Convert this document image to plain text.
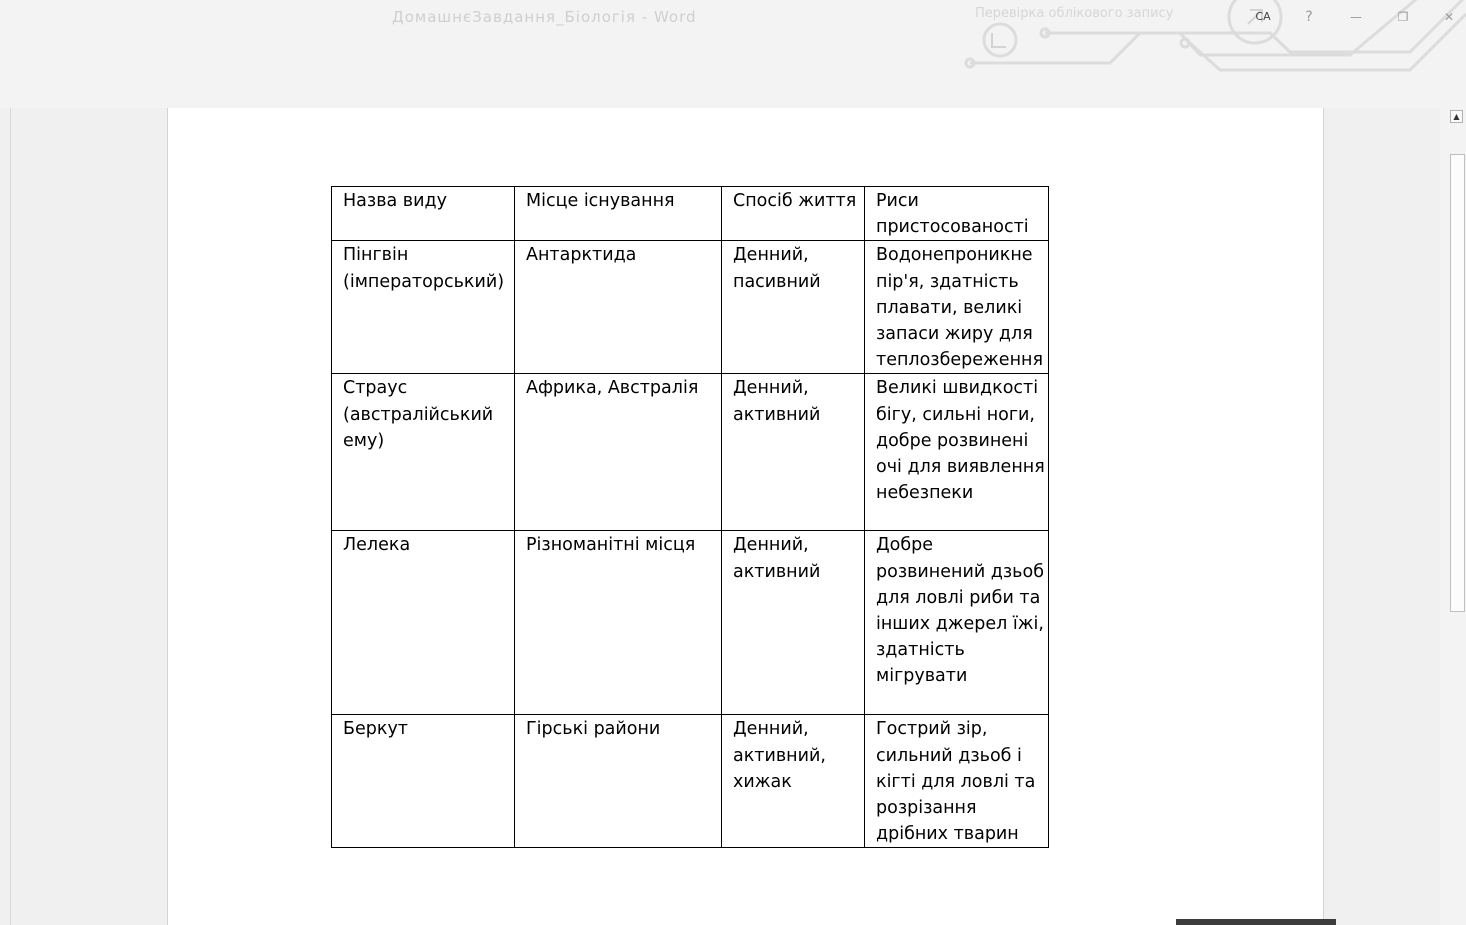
ДомашнєЗавдання_Біологія - Word	Перевірка облікового запису	CA	?	—	❐	✕
Назва виду	Місце існування	Спосіб життя	Риси пристосованості
Пінгвін (імператорський)	Антарктида	Денний, пасивний	Водонепроникне пір'я, здатність плавати, великі запаси жиру для теплозбереження
Страус (австралійський ему)	Африка, Австралія	Денний, активний	Великі швидкості бігу, сильні ноги, добре розвинені очі для виявлення небезпеки
Лелека	Різноманітні місця	Денний, активний	Добре розвинений дзьоб для ловлі риби та інших джерел їжі, здатність мігрувати
Беркут	Гірські райони	Денний, активний, хижак	Гострий зір, сильний дзьоб і кігті для ловлі та розрізання дрібних тварин
▲
